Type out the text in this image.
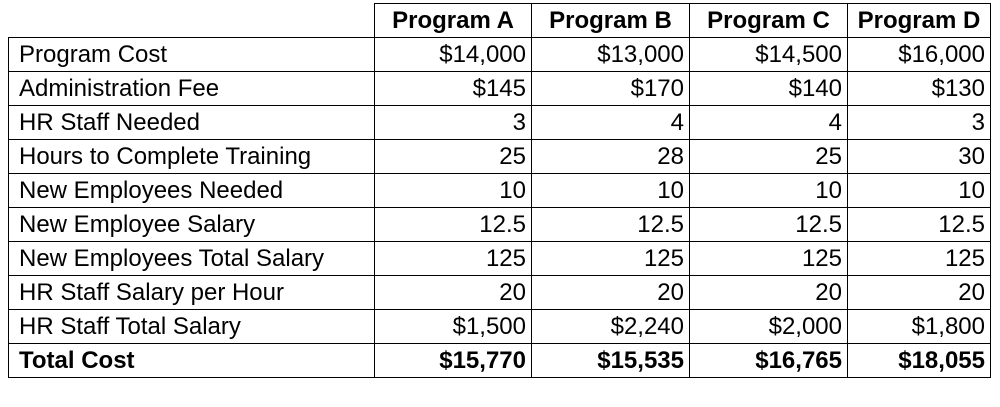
	Program A	Program B	Program C	Program D
Program Cost	$14,000	$13,000	$14,500	$16,000
Administration Fee	$145	$170	$140	$130
HR Staff Needed	3	4	4	3
Hours to Complete Training	25	28	25	30
New Employees Needed	10	10	10	10
New Employee Salary	12.5	12.5	12.5	12.5
New Employees Total Salary	125	125	125	125
HR Staff Salary per Hour	20	20	20	20
HR Staff Total Salary	$1,500	$2,240	$2,000	$1,800
Total Cost	$15,770	$15,535	$16,765	$18,055
